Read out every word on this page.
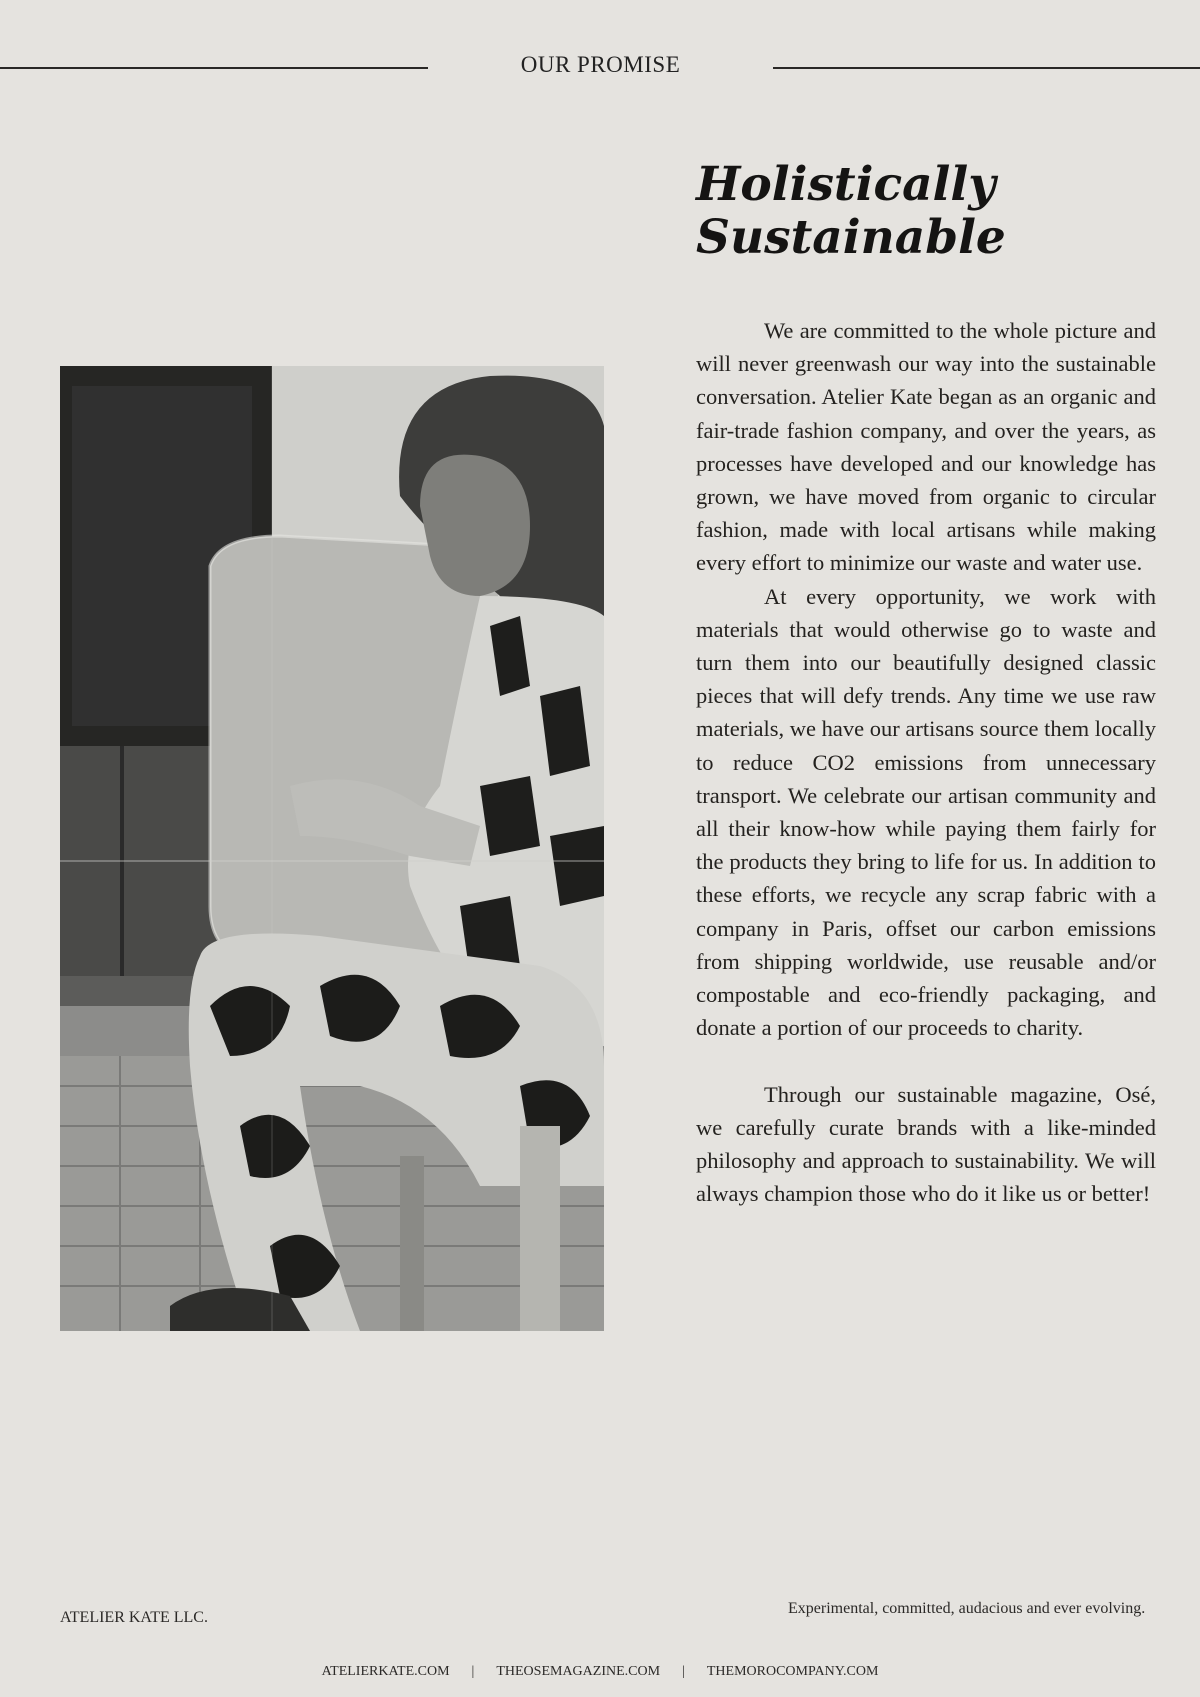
OUR PROMISE
Holistically
Sustainable

We are committed to the whole picture and will never greenwash our way into the sustainable conversation. Atelier Kate began as an organic and fair-trade fashion company, and over the years, as processes have developed and our knowledge has grown, we have moved from organic to circular fashion, made with local artisans while making every effort to minimize our waste and water use.

At every opportunity, we work with materials that would otherwise go to waste and turn them into our beautifully designed classic pieces that will defy trends. Any time we use raw materials, we have our artisans source them locally to reduce CO2 emissions from unnecessary transport. We celebrate our artisan community and all their know-how while paying them fairly for the products they bring to life for us. In addition to these efforts, we recycle any scrap fabric with a company in Paris, offset our carbon emissions from shipping worldwide, use reusable and/or compostable and eco-friendly packaging, and donate a portion of our proceeds to charity.

Through our sustainable magazine, Osé, we carefully curate brands with a like-minded philosophy and approach to sustainability. We will always champion those who do it like us or better!

ATELIER KATE LLC.
Experimental, committed, audacious and ever evolving.
ATELIERKATE.COM | THEOSEMAGAZINE.COM | THEMOROCOMPANY.COM
